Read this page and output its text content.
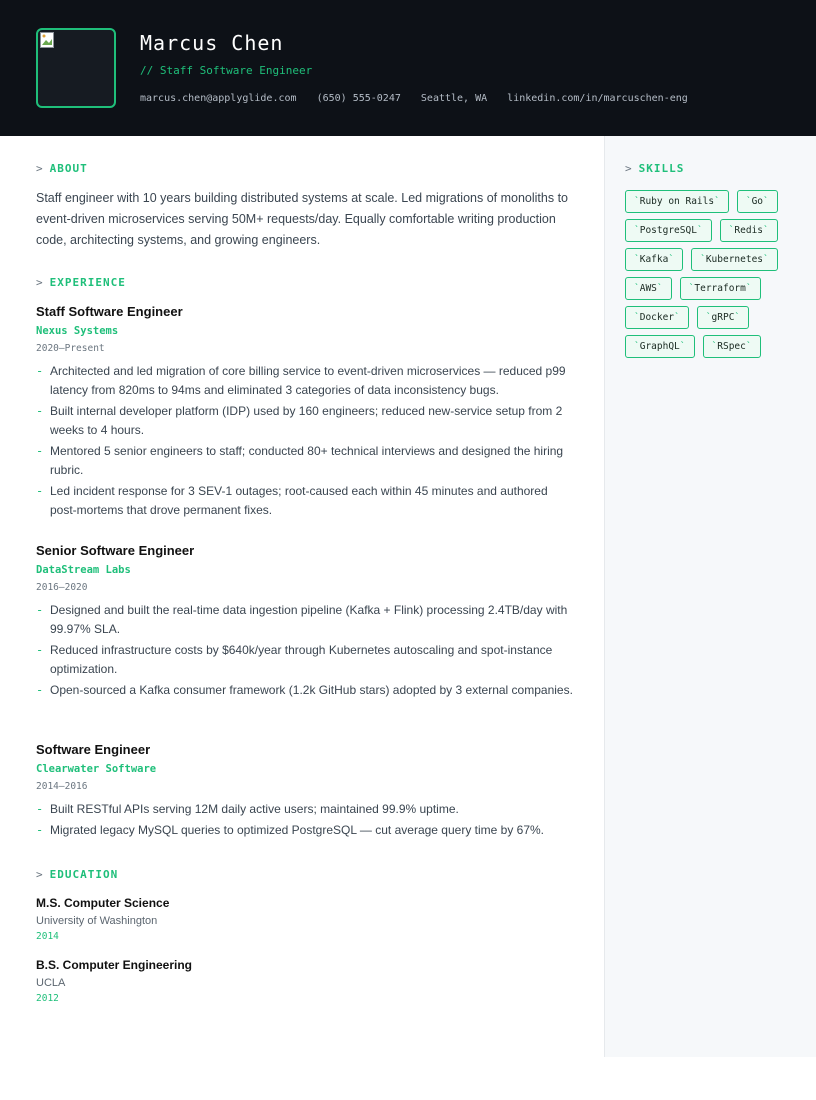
Marcus Chen
// Staff Software Engineer
marcus.chen@applyglide.com (650) 555-0247 Seattle, WA linkedin.com/in/marcuschen-eng
> ABOUT
Staff engineer with 10 years building distributed systems at scale. Led migrations of monoliths to event-driven microservices serving 50M+ requests/day. Equally comfortable writing production code, architecting systems, and growing engineers.
> EXPERIENCE
Staff Software Engineer
Nexus Systems
2020–Present
- Architected and led migration of core billing service to event-driven microservices — reduced p99 latency from 820ms to 94ms and eliminated 3 categories of data inconsistency bugs.
- Built internal developer platform (IDP) used by 160 engineers; reduced new-service setup from 2 weeks to 4 hours.
- Mentored 5 senior engineers to staff; conducted 80+ technical interviews and designed the hiring rubric.
- Led incident response for 3 SEV-1 outages; root-caused each within 45 minutes and authored post-mortems that drove permanent fixes.
Senior Software Engineer
DataStream Labs
2016–2020
- Designed and built the real-time data ingestion pipeline (Kafka + Flink) processing 2.4TB/day with 99.97% SLA.
- Reduced infrastructure costs by $640k/year through Kubernetes autoscaling and spot-instance optimization.
- Open-sourced a Kafka consumer framework (1.2k GitHub stars) adopted by 3 external companies.
Software Engineer
Clearwater Software
2014–2016
- Built RESTful APIs serving 12M daily active users; maintained 99.9% uptime.
- Migrated legacy MySQL queries to optimized PostgreSQL — cut average query time by 67%.
> EDUCATION
M.S. Computer Science
University of Washington
2014
B.S. Computer Engineering
UCLA
2012
> SKILLS
`Ruby on Rails`	`Go`
`PostgreSQL`	`Redis`
`Kafka`	`Kubernetes`
`AWS`	`Terraform`
`Docker`	`gRPC`
`GraphQL`	`RSpec`
